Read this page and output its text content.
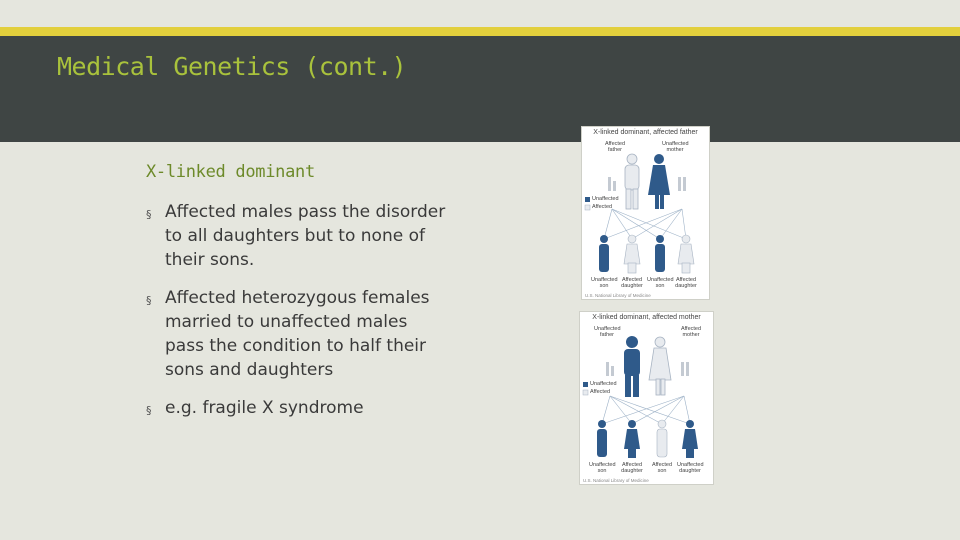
Medical Genetics (cont.)
X-linked dominant
§ Affected males pass the disorder to all daughters but to none of their sons.
§ Affected heterozygous females married to unaffected males pass the condition to half their sons and daughters
§ e.g. fragile X syndrome
X-linked dominant, affected father
Affected father
Unaffected mother
Unaffected
Affected
Unaffected son
Affected daughter
Unaffected son
Affected daughter
U.S. National Library of Medicine
X-linked dominant, affected mother
Unaffected father
Affected mother
Unaffected
Affected
Unaffected son
Affected daughter
Affected son
Unaffected daughter
U.S. National Library of Medicine
